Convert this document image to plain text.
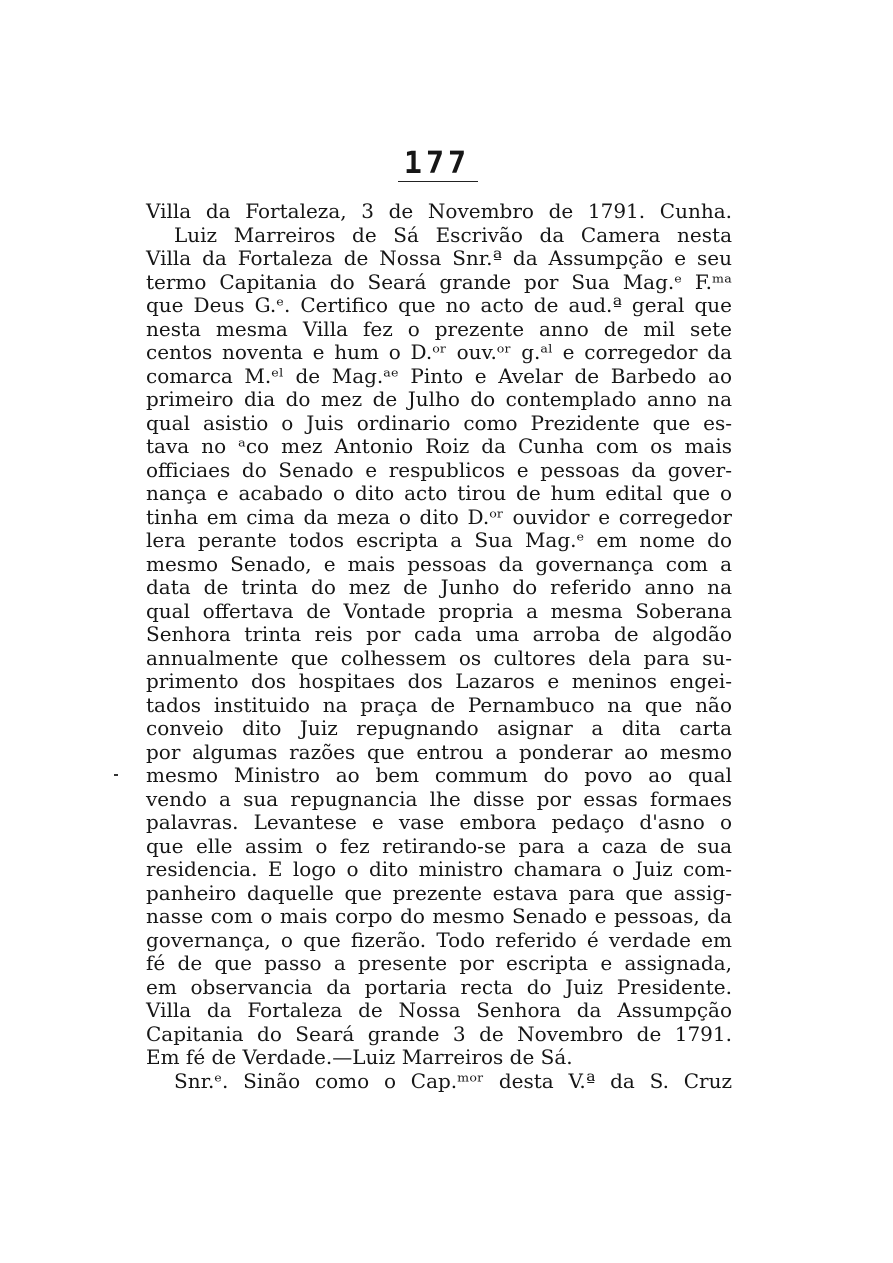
177
Villa da Fortaleza, 3 de Novembro de 1791. Cunha.
Luiz Marreiros de Sá Escrivão da Camera nesta
Villa da Fortaleza de Nossa Snr.ª da Assumpção e seu
termo Capitania do Seará grande por Sua Mag.ᵉ F.ᵐᵃ
que Deus G.ᵉ. Certifico que no acto de aud.ª geral que
nesta mesma Villa fez o prezente anno de mil sete
centos noventa e hum o D.ᵒʳ ouv.ᵒʳ g.ᵃˡ e corregedor da
comarca M.ᵉˡ de Mag.ᵃᵉ Pinto e Avelar de Barbedo ao
primeiro dia do mez de Julho do contemplado anno na
qual asistio o Juis ordinario como Prezidente que es-
tava no ᵃco mez Antonio Roiz da Cunha com os mais
officiaes do Senado e respublicos e pessoas da gover-
nança e acabado o dito acto tirou de hum edital que o
tinha em cima da meza o dito D.ᵒʳ ouvidor e corregedor
lera perante todos escripta a Sua Mag.ᵉ em nome do
mesmo Senado, e mais pessoas da governança com a
data de trinta do mez de Junho do referido anno na
qual offertava de Vontade propria a mesma Soberana
Senhora trinta reis por cada uma arroba de algodão
annualmente que colhessem os cultores dela para su-
primento dos hospitaes dos Lazaros e meninos engei-
tados instituido na praça de Pernambuco na que não
conveio dito Juiz repugnando asignar a dita carta
por algumas razões que entrou a ponderar ao mesmo
mesmo Ministro ao bem commum do povo ao qual
vendo a sua repugnancia lhe disse por essas formaes
palavras. Levantese e vase embora pedaço d'asno o
que elle assim o fez retirando-se para a caza de sua
residencia. E logo o dito ministro chamara o Juiz com-
panheiro daquelle que prezente estava para que assig-
nasse com o mais corpo do mesmo Senado e pessoas, da
governança, o que fizerão. Todo referido é verdade em
fé de que passo a presente por escripta e assignada,
em observancia da portaria recta do Juiz Presidente.
Villa da Fortaleza de Nossa Senhora da Assumpção
Capitania do Seará grande 3 de Novembro de 1791.
Em fé de Verdade.—Luiz Marreiros de Sá.
Snr.ᵉ. Sinão como o Cap.ᵐᵒʳ desta V.ª da S. Cruz
